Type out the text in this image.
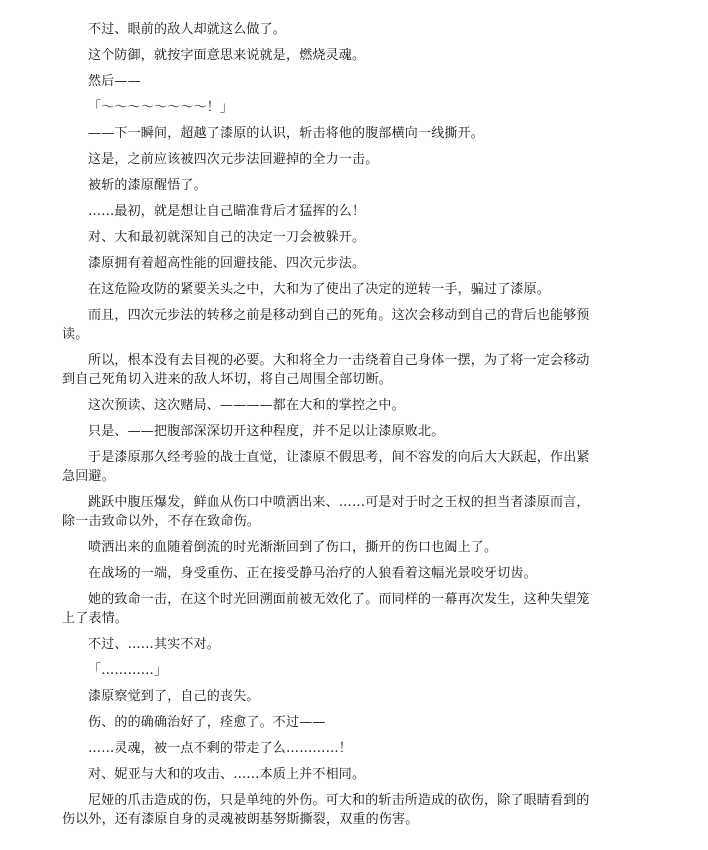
不过、眼前的敌人却就这么做了。

这个防御，就按字面意思来说就是，燃烧灵魂。

然后——

「～～～～～～～～！」

——下一瞬间，超越了漆原的认识，斩击将他的腹部横向一线撕开。

这是，之前应该被四次元步法回避掉的全力一击。

被斩的漆原醒悟了。

……最初，就是想让自己瞄准背后才猛挥的么！

对、大和最初就深知自己的决定一刀会被躲开。

漆原拥有着超高性能的回避技能、四次元步法。

在这危险攻防的紧要关头之中，大和为了使出了决定的逆转一手，骗过了漆原。

而且，四次元步法的转移之前是移动到自己的死角。这次会移动到自己的背后也能够预读。

所以，根本没有去目视的必要。大和将全力一击绕着自己身体一摆，为了将一定会移动到自己死角切入进来的敌人坏切，将自己周围全部切断。

这次预读、这次赌局、————都在大和的掌控之中。

只是、——把腹部深深切开这种程度，并不足以让漆原败北。

于是漆原那久经考验的战士直觉，让漆原不假思考，间不容发的向后大大跃起，作出紧急回避。

跳跃中腹压爆发，鲜血从伤口中喷洒出来、……可是对于时之王权的担当者漆原而言，除一击致命以外，不存在致命伤。

喷洒出来的血随着倒流的时光渐渐回到了伤口，撕开的伤口也阖上了。

在战场的一端，身受重伤、正在接受静马治疗的人狼看着这幅光景咬牙切齿。

她的致命一击，在这个时光回溯面前被无效化了。而同样的一幕再次发生，这种失望笼上了表情。

不过、……其实不对。

「…………」

漆原察觉到了，自己的丧失。

伤、的的确确治好了，痊愈了。不过——

……灵魂，被一点不剩的带走了么…………！

对、妮亚与大和的攻击、……本质上并不相同。

尼娅的爪击造成的伤，只是单纯的外伤。可大和的斩击所造成的砍伤，除了眼睛看到的伤以外，还有漆原自身的灵魂被朗基努斯撕裂，双重的伤害。
